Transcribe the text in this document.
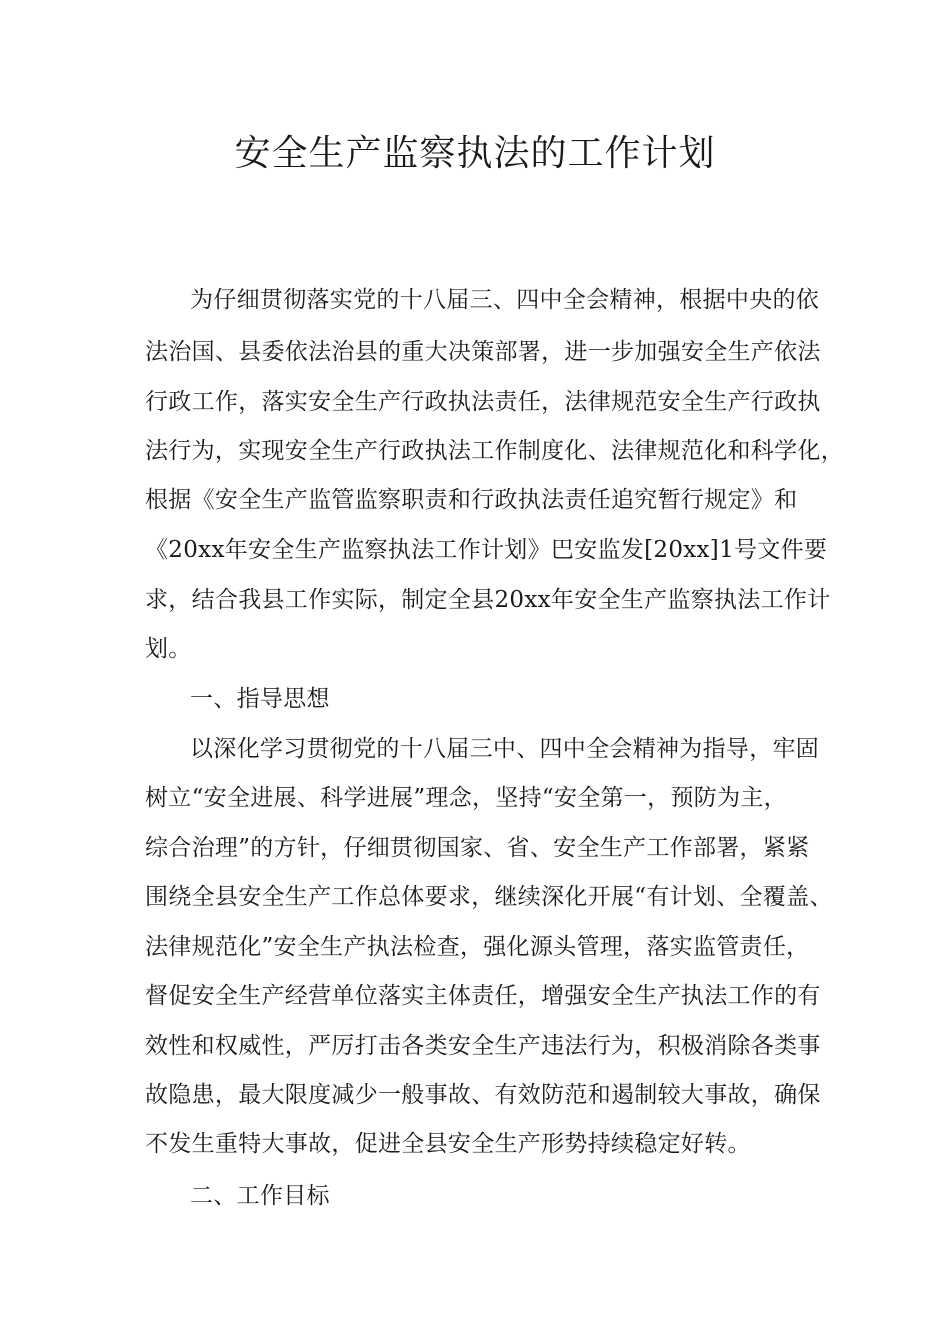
安全生产监察执法的工作计划

为仔细贯彻落实党的十八届三、四中全会精神，根据中央的依

法治国、县委依法治县的重大决策部署，进一步加强安全生产依法

行政工作，落实安全生产行政执法责任，法律规范安全生产行政执

法行为，实现安全生产行政执法工作制度化、法律规范化和科学化，

根据《安全生产监管监察职责和行政执法责任追究暂行规定》和

《20xx年安全生产监察执法工作计划》巴安监发[20xx]1号文件要

求，结合我县工作实际，制定全县20xx年安全生产监察执法工作计

划。

一、指导思想

以深化学习贯彻党的十八届三中、四中全会精神为指导，牢固

树立“安全进展、科学进展”理念，坚持“安全第一，预防为主，

综合治理”的方针，仔细贯彻国家、省、安全生产工作部署，紧紧

围绕全县安全生产工作总体要求，继续深化开展“有计划、全覆盖、

法律规范化”安全生产执法检查，强化源头管理，落实监管责任，

督促安全生产经营单位落实主体责任，增强安全生产执法工作的有

效性和权威性，严厉打击各类安全生产违法行为，积极消除各类事

故隐患，最大限度减少一般事故、有效防范和遏制较大事故，确保

不发生重特大事故，促进全县安全生产形势持续稳定好转。

二、工作目标
